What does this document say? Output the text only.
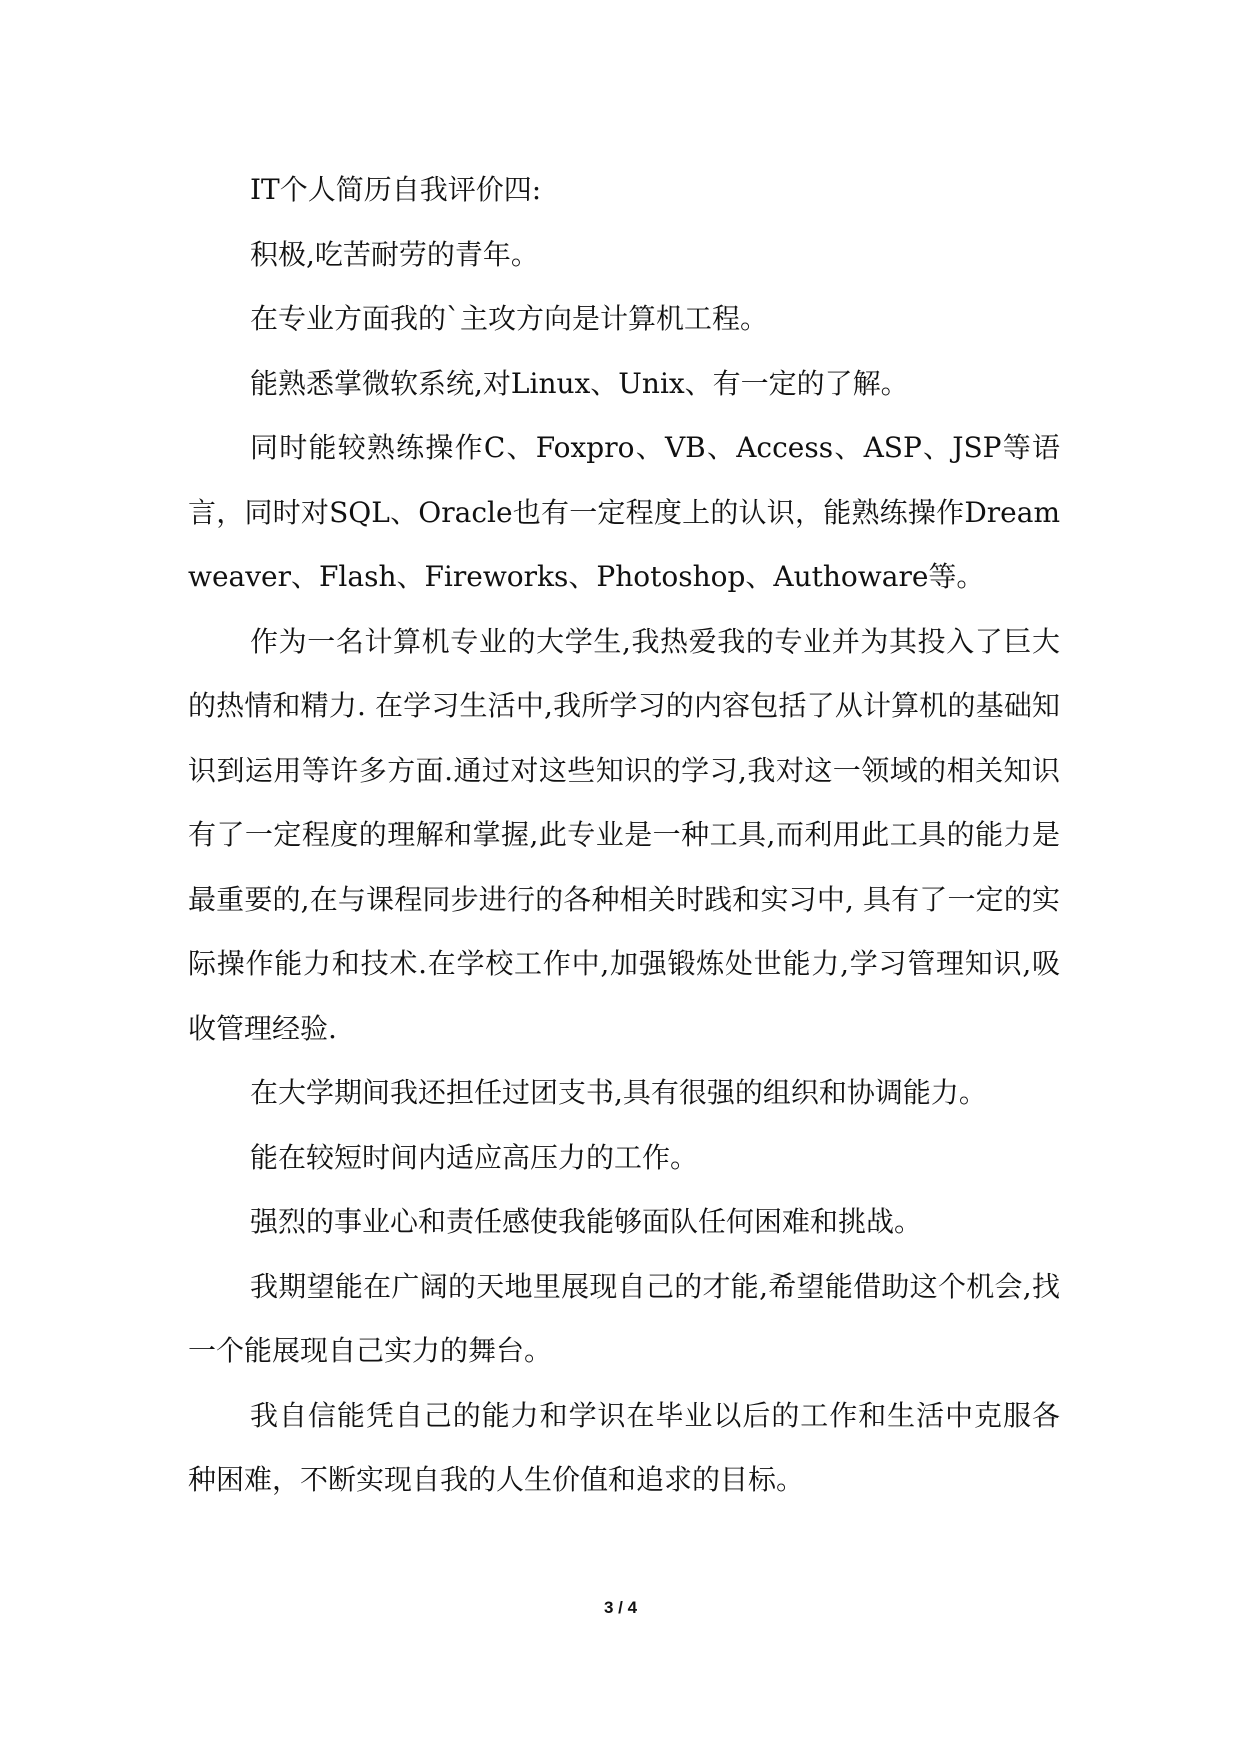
IT个人简历自我评价四:

积极,吃苦耐劳的青年。

在专业方面我的`主攻方向是计算机工程。

能熟悉掌微软系统,对Linux、Unix、有一定的了解。

同时能较熟练操作C、Foxpro、VB、Access、ASP、JSP等语言，同时对SQL、Oracle也有一定程度上的认识，能熟练操作Dreamweaver、Flash、Fireworks、Photoshop、Authoware等。

作为一名计算机专业的大学生,我热爱我的专业并为其投入了巨大的热情和精力. 在学习生活中,我所学习的内容包括了从计算机的基础知识到运用等许多方面.通过对这些知识的学习,我对这一领域的相关知识有了一定程度的理解和掌握,此专业是一种工具,而利用此工具的能力是最重要的,在与课程同步进行的各种相关时践和实习中, 具有了一定的实际操作能力和技术.在学校工作中,加强锻炼处世能力,学习管理知识,吸收管理经验.

在大学期间我还担任过团支书,具有很强的组织和协调能力。

能在较短时间内适应高压力的工作。

强烈的事业心和责任感使我能够面队任何困难和挑战。

我期望能在广阔的天地里展现自己的才能,希望能借助这个机会,找一个能展现自己实力的舞台。

我自信能凭自己的能力和学识在毕业以后的工作和生活中克服各种困难，不断实现自我的人生价值和追求的目标。

3 / 4
